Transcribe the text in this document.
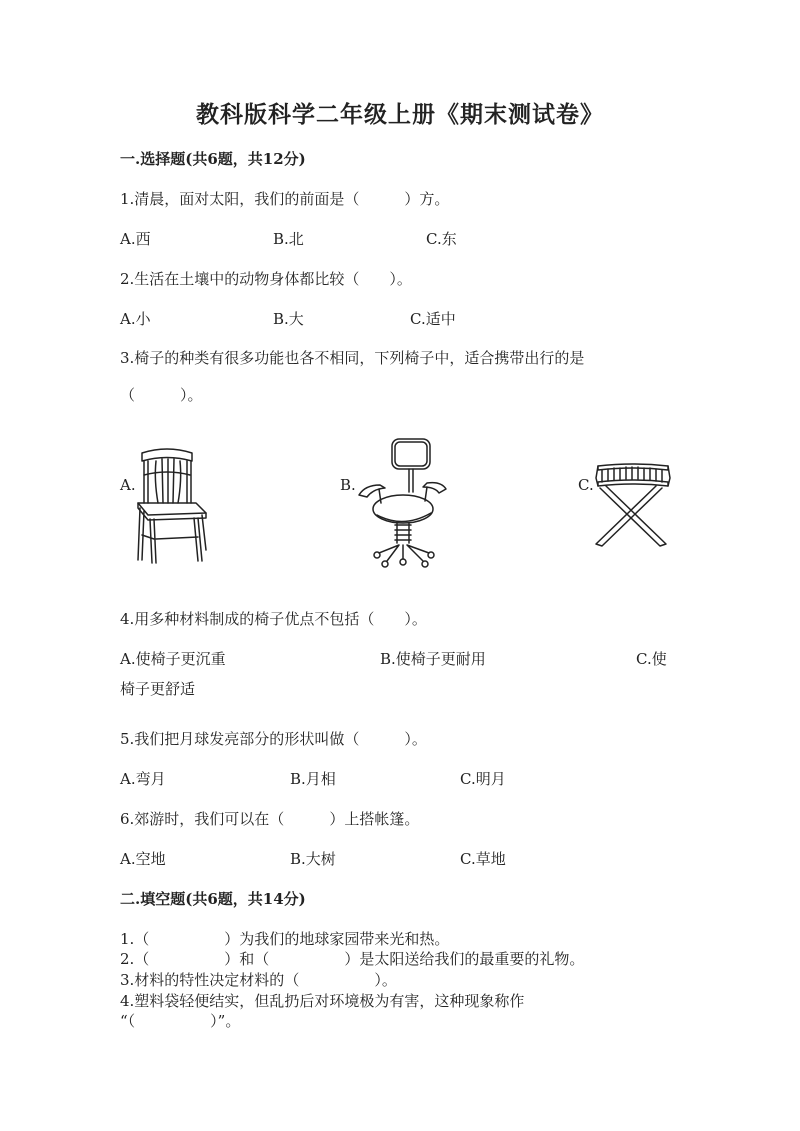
教科版科学二年级上册《期末测试卷》
一.选择题(共6题，共12分)
1.清晨，面对太阳，我们的前面是（　　　）方。
A.西	B.北	C.东
2.生活在土壤中的动物身体都比较（　　）。
A.小	B.大	C.适中
3.椅子的种类有很多功能也各不相同，下列椅子中，适合携带出行的是
（　　　）。
A.	B.	C.
4.用多种材料制成的椅子优点不包括（　　）。
A.使椅子更沉重	B.使椅子更耐用	C.使
椅子更舒适
5.我们把月球发亮部分的形状叫做（　　　）。
A.弯月	B.月相	C.明月
6.郊游时，我们可以在（　　　）上搭帐篷。
A.空地	B.大树	C.草地
二.填空题(共6题，共14分)
1.（　　　　　）为我们的地球家园带来光和热。
2.（　　　　　）和（　　　　　）是太阳送给我们的最重要的礼物。
3.材料的特性决定材料的（　　　　　）。
4.塑料袋轻便结实，但乱扔后对环境极为有害，这种现象称作
“（　　　　　）”。
